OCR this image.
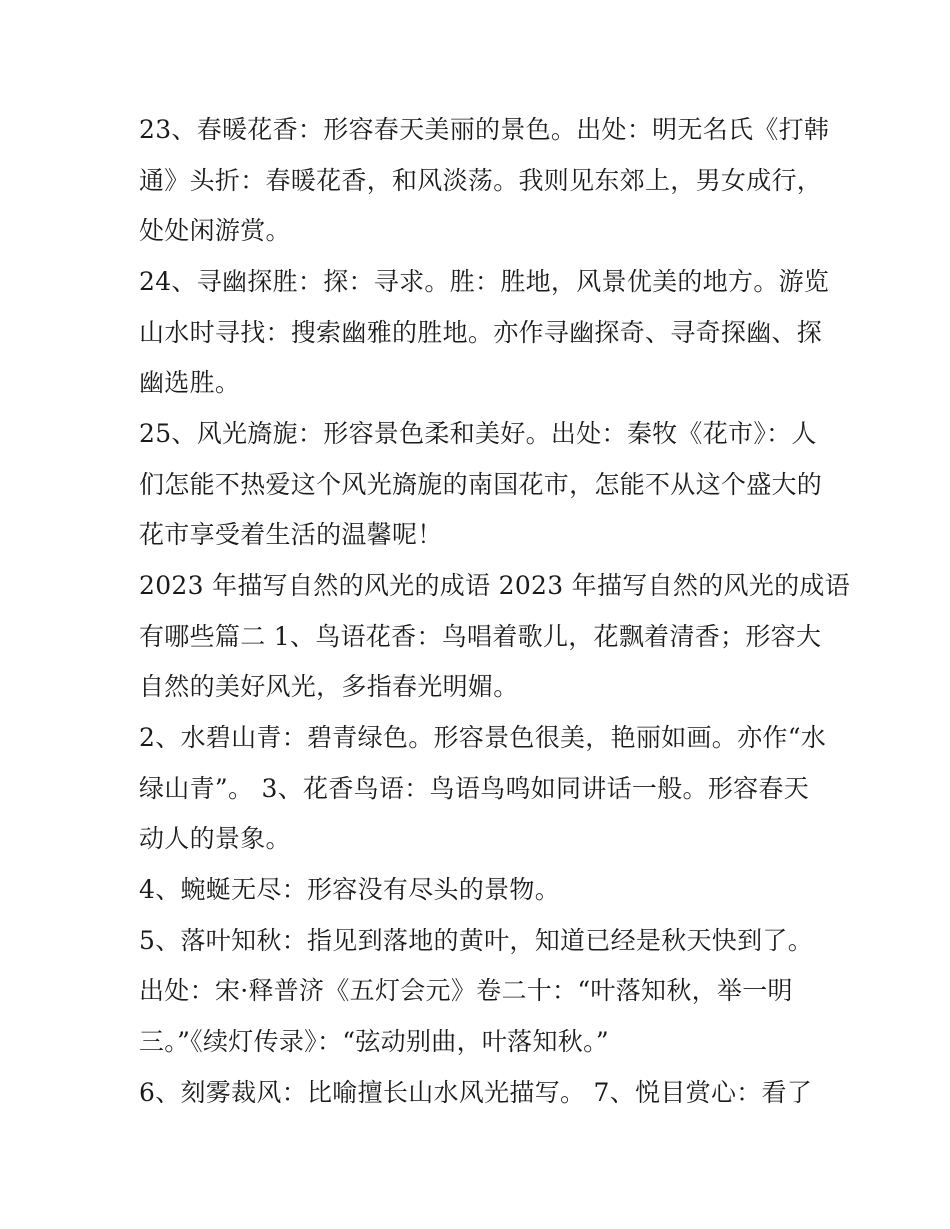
23、春暖花香：形容春天美丽的景色。出处：明无名氏《打韩
通》头折：春暖花香，和风淡荡。我则见东郊上，男女成行，
处处闲游赏。
24、寻幽探胜：探：寻求。胜：胜地，风景优美的地方。游览
山水时寻找：搜索幽雅的胜地。亦作寻幽探奇、寻奇探幽、探
幽选胜。
25、风光旖旎：形容景色柔和美好。出处：秦牧《花市》：人
们怎能不热爱这个风光旖旎的南国花市，怎能不从这个盛大的
花市享受着生活的温馨呢！
2023 年描写自然的风光的成语 2023 年描写自然的风光的成语
有哪些篇二 1、鸟语花香：鸟唱着歌儿，花飘着清香；形容大
自然的美好风光，多指春光明媚。
2、水碧山青：碧青绿色。形容景色很美，艳丽如画。亦作“水
绿山青”。 3、花香鸟语：鸟语鸟鸣如同讲话一般。形容春天
动人的景象。
4、蜿蜒无尽：形容没有尽头的景物。
5、落叶知秋：指见到落地的黄叶，知道已经是秋天快到了。
出处：宋·释普济《五灯会元》卷二十：“叶落知秋，举一明
三。”《续灯传录》：“弦动别曲，叶落知秋。”
6、刻雾裁风：比喻擅长山水风光描写。 7、悦目赏心：看了
